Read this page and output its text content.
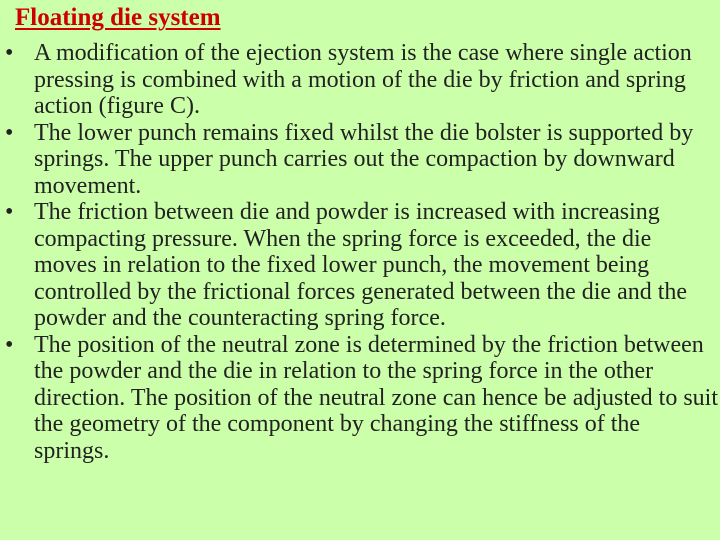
Floating die system
• A modification of the ejection system is the case where single action pressing is combined with a motion of the die by friction and spring action (figure C).
• The lower punch remains fixed whilst the die bolster is supported by springs. The upper punch carries out the compaction by downward movement.
• The friction between die and powder is increased with increasing compacting pressure. When the spring force is exceeded, the die moves in relation to the fixed lower punch, the movement being controlled by the frictional forces generated between the die and the powder and the counteracting spring force.
• The position of the neutral zone is determined by the friction between the powder and the die in relation to the spring force in the other direction. The position of the neutral zone can hence be adjusted to suit the geometry of the component by changing the stiffness of the springs.
